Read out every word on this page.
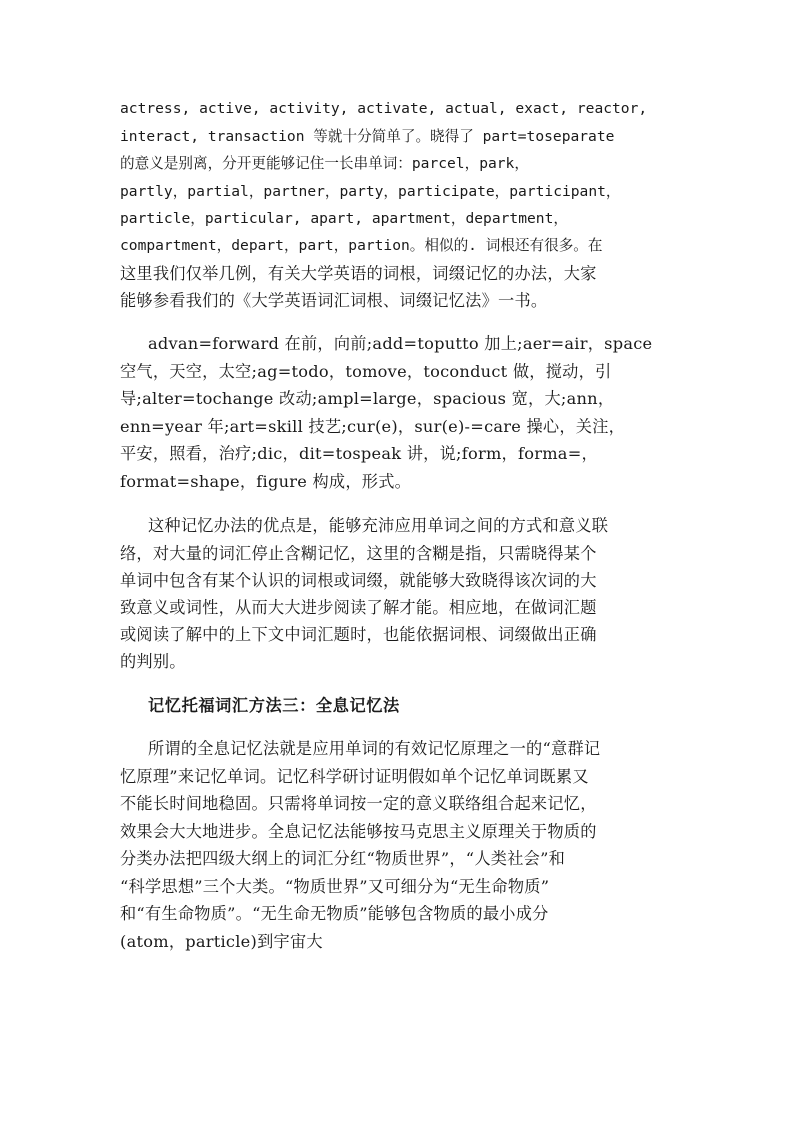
actress, active, activity, activate, actual, exact, reactor,
interact, transaction 等就十分简单了。晓得了 part=toseparate
的意义是别离，分开更能够记住一长串单词：parcel，park，
partly，partial，partner，party，participate，participant，
particle，particular, apart, apartment，department，
compartment，depart，part，partion。相似的. 词根还有很多。在
这里我们仅举几例，有关大学英语的词根，词缀记忆的办法，大家
能够参看我们的《大学英语词汇词根、词缀记忆法》一书。
advan=forward 在前，向前;add=toputto 加上;aer=air，space
空气，天空，太空;ag=todo，tomove，toconduct 做，搅动，引
导;alter=tochange 改动;ampl=large，spacious 宽，大;ann，
enn=year 年;art=skill 技艺;cur(e)，sur(e)-=care 操心，关注，
平安，照看，治疗;dic，dit=tospeak 讲，说;form，forma=，
format=shape，figure 构成，形式。
这种记忆办法的优点是，能够充沛应用单词之间的方式和意义联
络，对大量的词汇停止含糊记忆，这里的含糊是指，只需晓得某个
单词中包含有某个认识的词根或词缀，就能够大致晓得该次词的大
致意义或词性，从而大大进步阅读了解才能。相应地，在做词汇题
或阅读了解中的上下文中词汇题时，也能依据词根、词缀做出正确
的判别。
记忆托福词汇方法三：全息记忆法
所谓的全息记忆法就是应用单词的有效记忆原理之一的“意群记
忆原理”来记忆单词。记忆科学研讨证明假如单个记忆单词既累又
不能长时间地稳固。只需将单词按一定的意义联络组合起来记忆，
效果会大大地进步。全息记忆法能够按马克思主义原理关于物质的
分类办法把四级大纲上的词汇分红“物质世界”，“人类社会”和
“科学思想”三个大类。“物质世界”又可细分为“无生命物质”
和“有生命物质”。“无生命无物质”能够包含物质的最小成分
(atom，particle)到宇宙大
